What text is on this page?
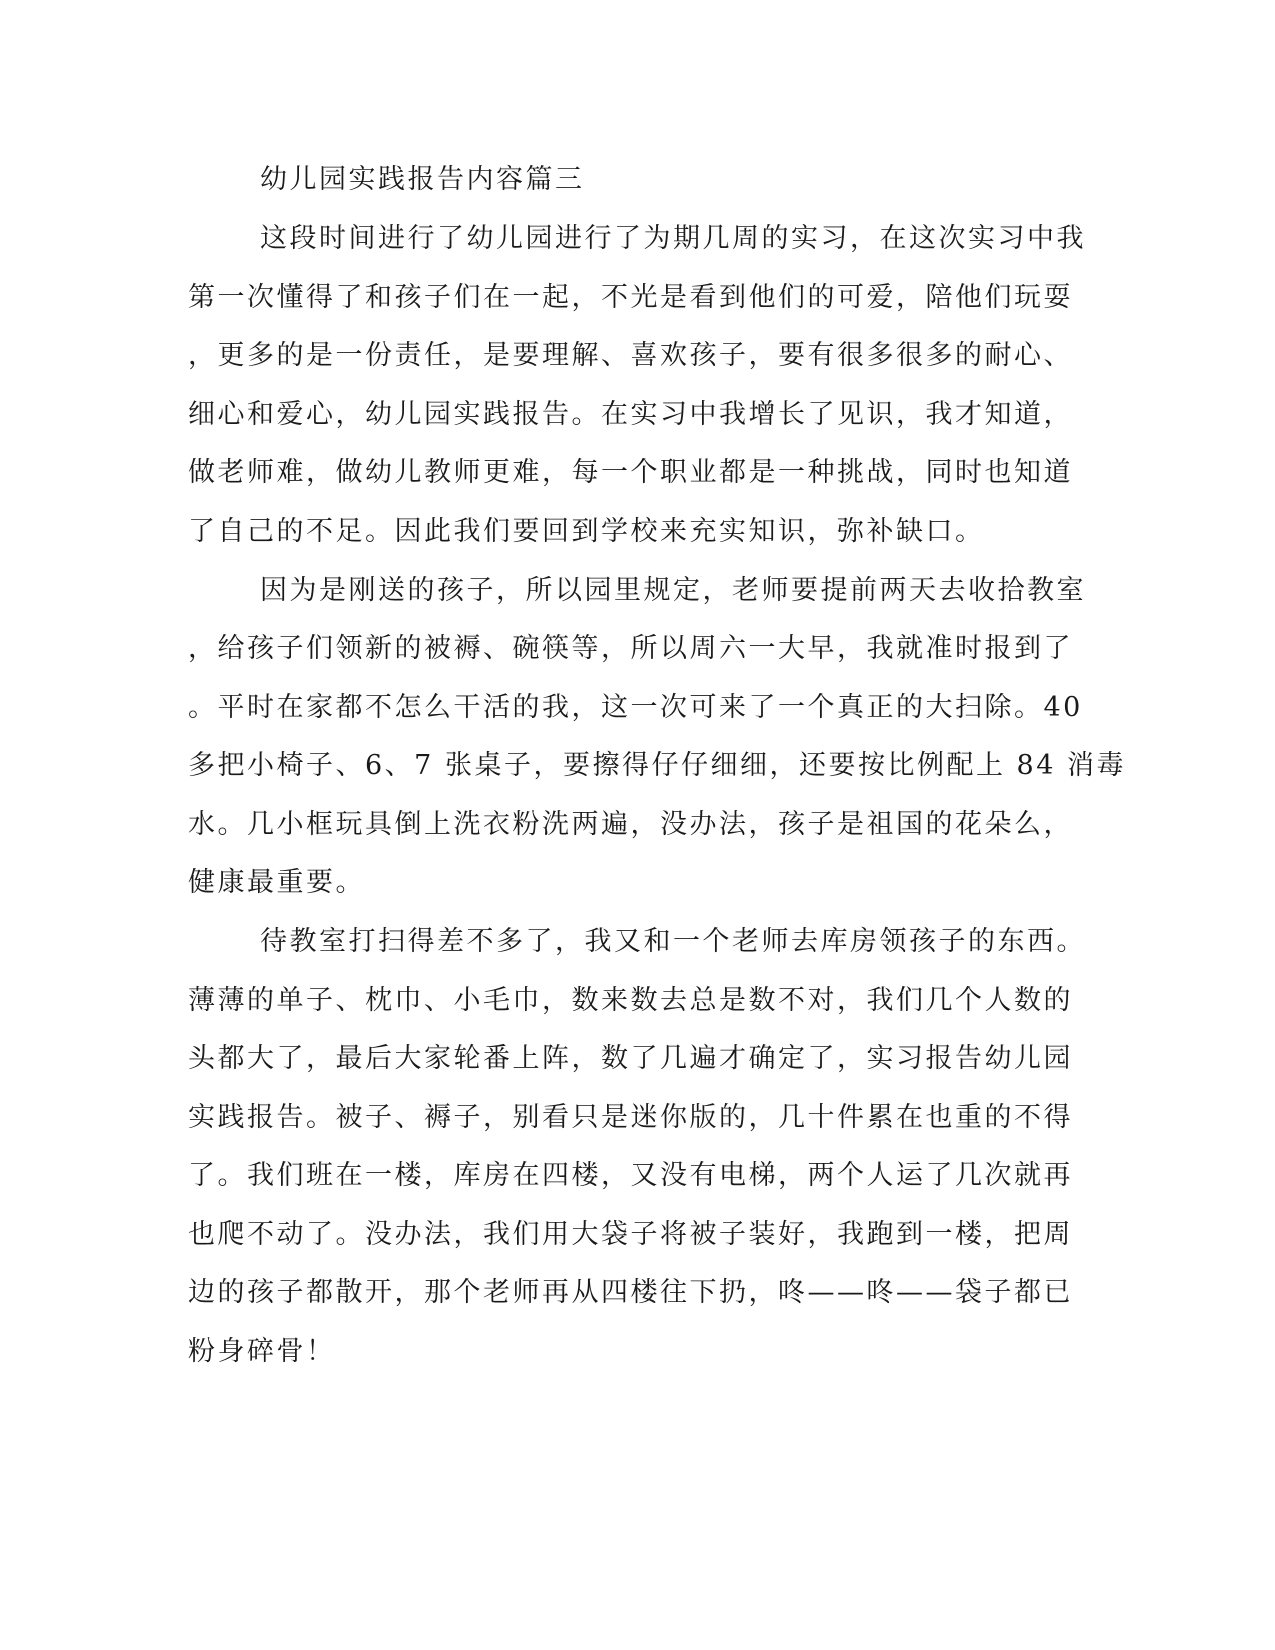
幼儿园实践报告内容篇三

这段时间进行了幼儿园进行了为期几周的实习，在这次实习中我

第一次懂得了和孩子们在一起，不光是看到他们的可爱，陪他们玩耍

，更多的是一份责任，是要理解、喜欢孩子，要有很多很多的耐心、

细心和爱心，幼儿园实践报告。在实习中我增长了见识，我才知道，

做老师难，做幼儿教师更难，每一个职业都是一种挑战，同时也知道

了自己的不足。因此我们要回到学校来充实知识，弥补缺口。

因为是刚送的孩子，所以园里规定，老师要提前两天去收拾教室

，给孩子们领新的被褥、碗筷等，所以周六一大早，我就准时报到了

。平时在家都不怎么干活的我，这一次可来了一个真正的大扫除。40

多把小椅子、6、7 张桌子，要擦得仔仔细细，还要按比例配上 84 消毒

水。几小框玩具倒上洗衣粉洗两遍，没办法，孩子是祖国的花朵么，

健康最重要。

待教室打扫得差不多了，我又和一个老师去库房领孩子的东西。

薄薄的单子、枕巾、小毛巾，数来数去总是数不对，我们几个人数的

头都大了，最后大家轮番上阵，数了几遍才确定了，实习报告幼儿园

实践报告。被子、褥子，别看只是迷你版的，几十件累在也重的不得

了。我们班在一楼，库房在四楼，又没有电梯，两个人运了几次就再

也爬不动了。没办法，我们用大袋子将被子装好，我跑到一楼，把周

边的孩子都散开，那个老师再从四楼往下扔，咚——咚——袋子都已

粉身碎骨！
